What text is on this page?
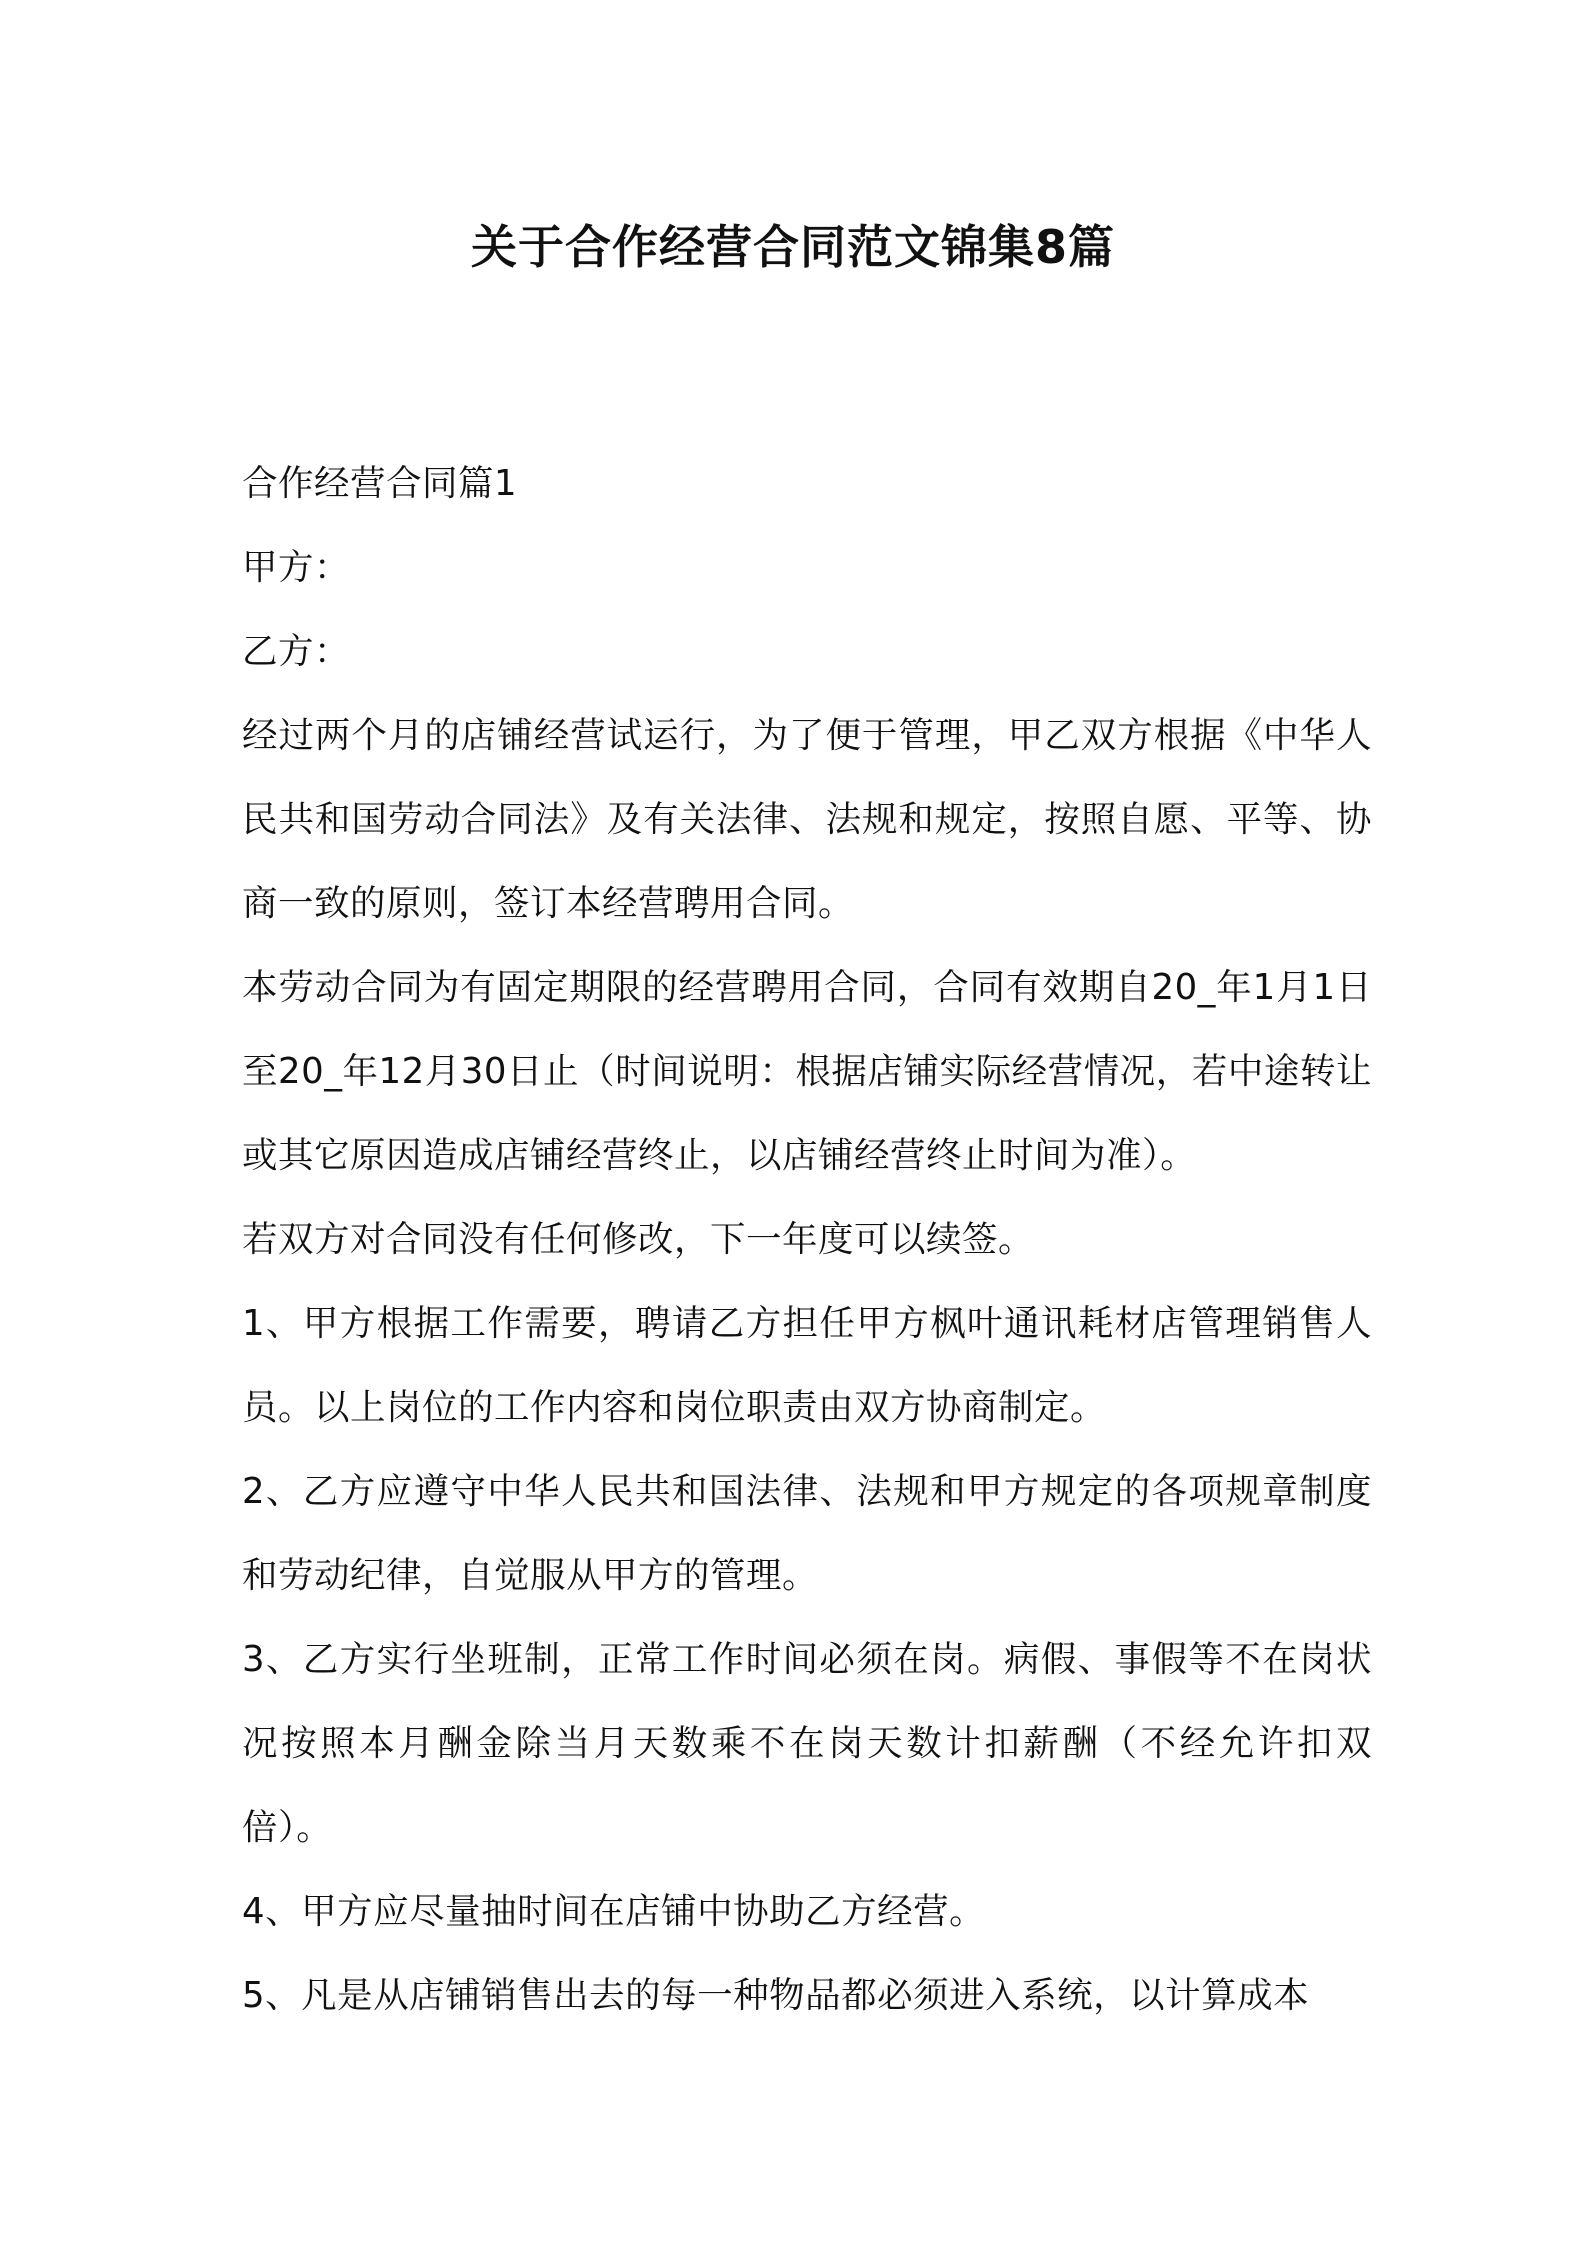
关于合作经营合同范文锦集8篇

合作经营合同篇1

甲方：

乙方：

经过两个月的店铺经营试运行，为了便于管理，甲乙双方根据《中华人民共和国劳动合同法》及有关法律、法规和规定，按照自愿、平等、协商一致的原则，签订本经营聘用合同。

本劳动合同为有固定期限的经营聘用合同，合同有效期自20_年1月1日至20_年12月30日止（时间说明：根据店铺实际经营情况，若中途转让或其它原因造成店铺经营终止，以店铺经营终止时间为准）。

若双方对合同没有任何修改，下一年度可以续签。

1、甲方根据工作需要，聘请乙方担任甲方枫叶通讯耗材店管理销售人员。以上岗位的工作内容和岗位职责由双方协商制定。

2、乙方应遵守中华人民共和国法律、法规和甲方规定的各项规章制度和劳动纪律，自觉服从甲方的管理。

3、乙方实行坐班制，正常工作时间必须在岗。病假、事假等不在岗状况按照本月酬金除当月天数乘不在岗天数计扣薪酬（不经允许扣双倍）。

4、甲方应尽量抽时间在店铺中协助乙方经营。

5、凡是从店铺销售出去的每一种物品都必须进入系统，以计算成本
